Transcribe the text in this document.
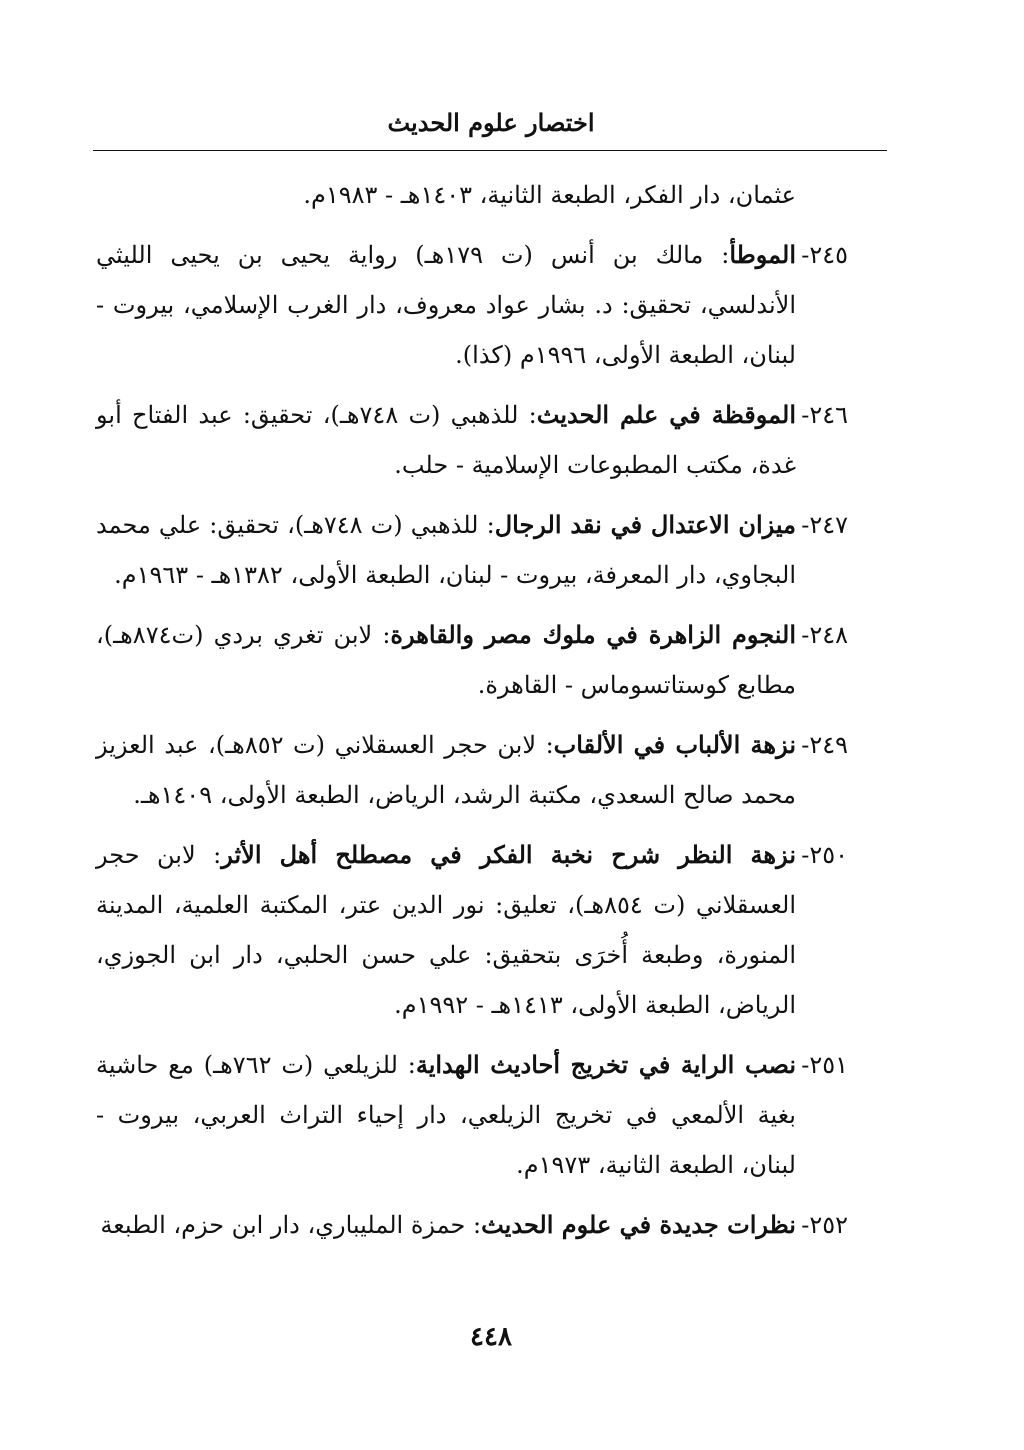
اختصار علوم الحديث

عثمان، دار الفكر، الطبعة الثانية، ١٤٠٣هـ - ١٩٨٣م.

٢٤٥-

الموطأ: مالك بن أنس (ت ١٧٩هـ) رواية يحيى بن يحيى الليثي الأندلسي، تحقيق: د. بشار عواد معروف، دار الغرب الإسلامي، بيروت - لبنان، الطبعة الأولى، ١٩٩٦م (كذا).

٢٤٦-

الموقظة في علم الحديث: للذهبي (ت ٧٤٨هـ)، تحقيق: عبد الفتاح أبو غدة، مكتب المطبوعات الإسلامية - حلب.

٢٤٧-

ميزان الاعتدال في نقد الرجال: للذهبي (ت ٧٤٨هـ)، تحقيق: علي محمد البجاوي، دار المعرفة، بيروت - لبنان، الطبعة الأولى، ١٣٨٢هـ - ١٩٦٣م.

٢٤٨-

النجوم الزاهرة في ملوك مصر والقاهرة: لابن تغري بردي (ت٨٧٤هـ)، مطابع كوستاتسوماس - القاهرة.

٢٤٩-

نزهة الألباب في الألقاب: لابن حجر العسقلاني (ت ٨٥٢هـ)، عبد العزيز محمد صالح السعدي، مكتبة الرشد، الرياض، الطبعة الأولى، ١٤٠٩هـ.

٢٥٠-

نزهة النظر شرح نخبة الفكر في مصطلح أهل الأثر: لابن حجر العسقلاني (ت ٨٥٤هـ)، تعليق: نور الدين عتر، المكتبة العلمية، المدينة المنورة، وطبعة أُخرَى بتحقيق: علي حسن الحلبي، دار ابن الجوزي، الرياض، الطبعة الأولى، ١٤١٣هـ - ١٩٩٢م.

٢٥١-

نصب الراية في تخريج أحاديث الهداية: للزيلعي (ت ٧٦٢هـ) مع حاشية بغية الألمعي في تخريج الزيلعي، دار إحياء التراث العربي، بيروت - لبنان، الطبعة الثانية، ١٩٧٣م.

٢٥٢-

نظرات جديدة في علوم الحديث: حمزة المليباري، دار ابن حزم، الطبعة

٤٤٨
